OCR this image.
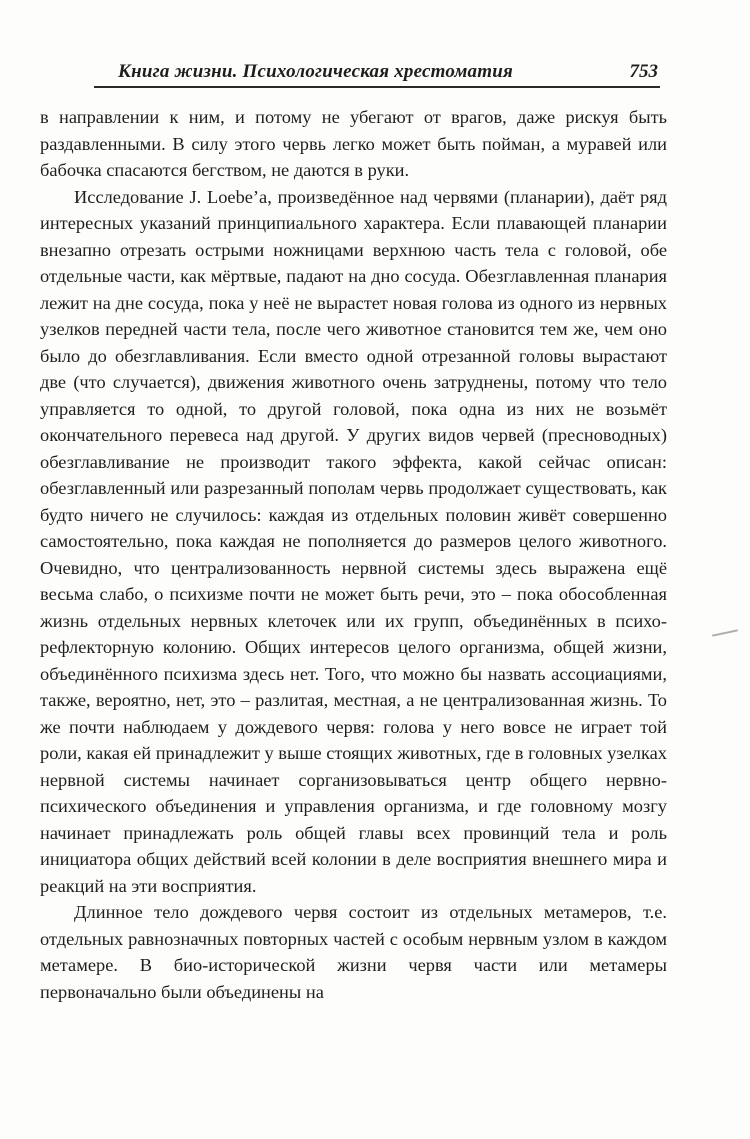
Книга жизни. Психологическая хрестоматия	753

в направлении к ним, и потому не убегают от врагов, даже рискуя быть раздавленными. В силу этого червь легко может быть пойман, а муравей или бабочка спасаются бегством, не даются в руки.

Исследование J. Loebe’а, произведённое над червями (планарии), даёт ряд интересных указаний принципиального характера. Если плавающей планарии внезапно отрезать острыми ножницами верхнюю часть тела с головой, обе отдельные части, как мёртвые, падают на дно сосуда. Обезглавленная планария лежит на дне сосуда, пока у неё не вырастет новая голова из одного из нервных узелков передней части тела, после чего животное становится тем же, чем оно было до обезглавливания. Если вместо одной отрезанной головы вырастают две (что случается), движения животного очень затруднены, потому что тело управляется то одной, то другой головой, пока одна из них не возьмёт окончательного перевеса над другой. У других видов червей (пресноводных) обезглавливание не производит такого эффекта, какой сейчас описан: обезглавленный или разрезанный пополам червь продолжает существовать, как будто ничего не случилось: каждая из отдельных половин живёт совершенно самостоятельно, пока каждая не пополняется до размеров целого животного. Очевидно, что централизованность нервной системы здесь выражена ещё весьма слабо, о психизме почти не может быть речи, это – пока обособленная жизнь отдельных нервных клеточек или их групп, объединённых в психо-рефлекторную колонию. Общих интересов целого организма, общей жизни, объединённого психизма здесь нет. Того, что можно бы назвать ассоциациями, также, вероятно, нет, это – разлитая, местная, а не централизованная жизнь. То же почти наблюдаем у дождевого червя: голова у него вовсе не играет той роли, какая ей принадлежит у выше стоящих животных, где в головных узелках нервной системы начинает сорганизовываться центр общего нервно-психического объединения и управления организма, и где головному мозгу начинает принадлежать роль общей главы всех провинций тела и роль инициатора общих действий всей колонии в деле восприятия внешнего мира и реакций на эти восприятия.

Длинное тело дождевого червя состоит из отдельных метамеров, т.е. отдельных равнозначных повторных частей с особым нервным узлом в каждом метамере. В био-исторической жизни червя части или метамеры первоначально были объединены на
